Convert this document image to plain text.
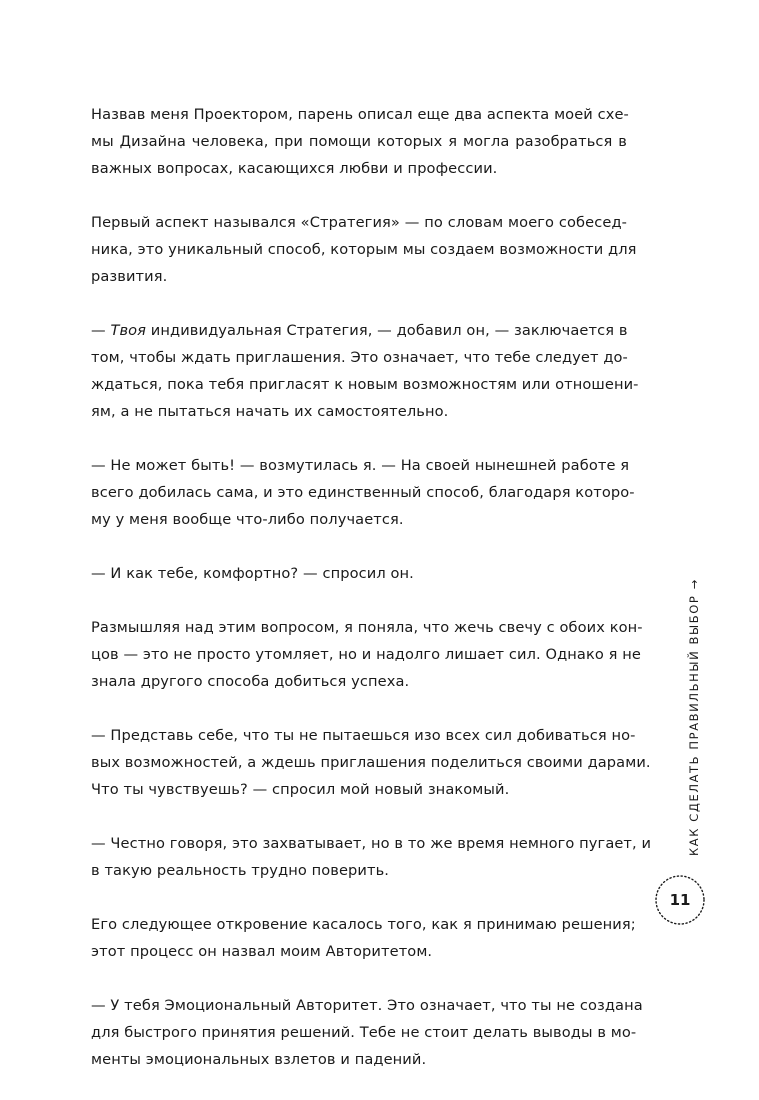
Назвав меня Проектором, парень описал еще два аспекта моей схе-
мы Дизайна человека, при помощи которых я могла разобраться в
важных вопросах, касающихся любви и профессии.

Первый аспект назывался «Стратегия» — по словам моего собесед-
ника, это уникальный способ, которым мы создаем возможности для
развития.

— Твоя индивидуальная Стратегия, — добавил он, — заключается в
том, чтобы ждать приглашения. Это означает, что тебе следует до-
ждаться, пока тебя пригласят к новым возможностям или отношени-
ям, а не пытаться начать их самостоятельно.

— Не может быть! — возмутилась я. — На своей нынешней работе я
всего добилась сама, и это единственный способ, благодаря которо-
му у меня вообще что-либо получается.

— И как тебе, комфортно? — спросил он.

Размышляя над этим вопросом, я поняла, что жечь свечу с обоих кон-
цов — это не просто утомляет, но и надолго лишает сил. Однако я не
знала другого способа добиться успеха.

— Представь себе, что ты не пытаешься изо всех сил добиваться но-
вых возможностей, а ждешь приглашения поделиться своими дарами.
Что ты чувствуешь? — спросил мой новый знакомый.

— Честно говоря, это захватывает, но в то же время немного пугает, и
в такую реальность трудно поверить.

Его следующее откровение касалось того, как я принимаю решения;
этот процесс он назвал моим Авторитетом.

— У тебя Эмоциональный Авторитет. Это означает, что ты не создана
для быстрого принятия решений. Тебе не стоит делать выводы в мо-
менты эмоциональных взлетов и падений.

КАК СДЕЛАТЬ ПРАВИЛЬНЫЙ ВЫБОР →
11
